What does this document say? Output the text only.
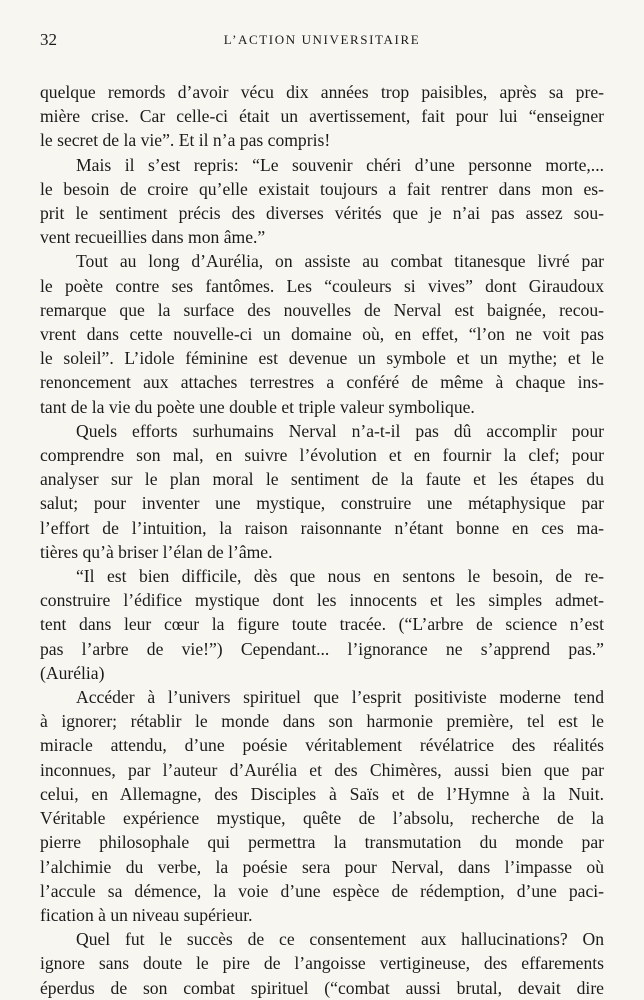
32	L’ACTION UNIVERSITAIRE
quelque remords d’avoir vécu dix années trop paisibles, après sa pre-
mière crise. Car celle-ci était un avertissement, fait pour lui “enseigner
le secret de la vie”. Et il n’a pas compris!
Mais il s’est repris: “Le souvenir chéri d’une personne morte,...
le besoin de croire qu’elle existait toujours a fait rentrer dans mon es-
prit le sentiment précis des diverses vérités que je n’ai pas assez sou-
vent recueillies dans mon âme.”
Tout au long d’Aurélia, on assiste au combat titanesque livré par
le poète contre ses fantômes. Les “couleurs si vives” dont Giraudoux
remarque que la surface des nouvelles de Nerval est baignée, recou-
vrent dans cette nouvelle-ci un domaine où, en effet, “l’on ne voit pas
le soleil”. L’idole féminine est devenue un symbole et un mythe; et le
renoncement aux attaches terrestres a conféré de même à chaque ins-
tant de la vie du poète une double et triple valeur symbolique.
Quels efforts surhumains Nerval n’a-t-il pas dû accomplir pour
comprendre son mal, en suivre l’évolution et en fournir la clef; pour
analyser sur le plan moral le sentiment de la faute et les étapes du
salut; pour inventer une mystique, construire une métaphysique par
l’effort de l’intuition, la raison raisonnante n’étant bonne en ces ma-
tières qu’à briser l’élan de l’âme.
“Il est bien difficile, dès que nous en sentons le besoin, de re-
construire l’édifice mystique dont les innocents et les simples admet-
tent dans leur cœur la figure toute tracée. (“L’arbre de science n’est
pas l’arbre de vie!”) Cependant... l’ignorance ne s’apprend pas.”
(Aurélia)
Accéder à l’univers spirituel que l’esprit positiviste moderne tend
à ignorer; rétablir le monde dans son harmonie première, tel est le
miracle attendu, d’une poésie véritablement révélatrice des réalités
inconnues, par l’auteur d’Aurélia et des Chimères, aussi bien que par
celui, en Allemagne, des Disciples à Saïs et de l’Hymne à la Nuit.
Véritable expérience mystique, quête de l’absolu, recherche de la
pierre philosophale qui permettra la transmutation du monde par
l’alchimie du verbe, la poésie sera pour Nerval, dans l’impasse où
l’accule sa démence, la voie d’une espèce de rédemption, d’une paci-
fication à un niveau supérieur.
Quel fut le succès de ce consentement aux hallucinations? On
ignore sans doute le pire de l’angoisse vertigineuse, des effarements
éperdus de son combat spirituel (“combat aussi brutal, devait dire
